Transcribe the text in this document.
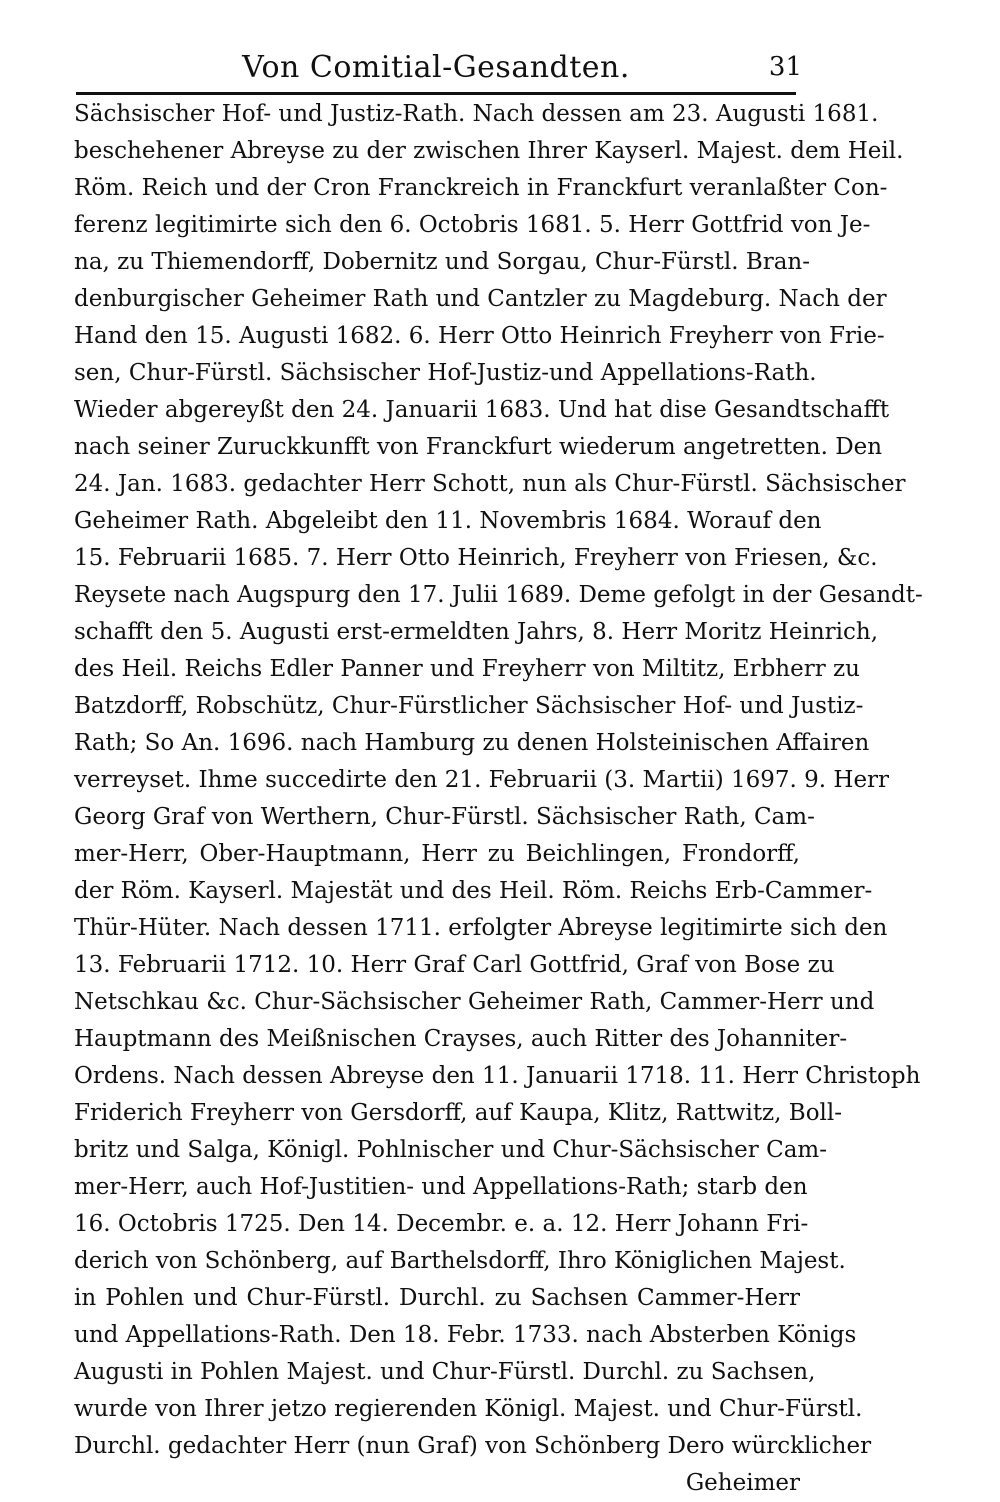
Von Comitial-Gesandten.	31
Sächsischer Hof- und Justiz-Rath. Nach dessen am 23. Augusti 1681.
beschehener Abreyse zu der zwischen Ihrer Kayserl. Majest. dem Heil.
Röm. Reich und der Cron Franckreich in Franckfurt veranlaßter Con-
ferenz legitimirte sich den 6. Octobris 1681. 5. Herr Gottfrid von Je-
na, zu Thiemendorff, Dobernitz und Sorgau, Chur-Fürstl. Bran-
denburgischer Geheimer Rath und Cantzler zu Magdeburg. Nach der
Hand den 15. Augusti 1682. 6. Herr Otto Heinrich Freyherr von Frie-
sen, Chur-Fürstl. Sächsischer Hof-Justiz-und Appellations-Rath.
Wieder abgereyßt den 24. Januarii 1683. Und hat dise Gesandtschafft
nach seiner Zuruckkunfft von Franckfurt wiederum angetretten. Den
24. Jan. 1683. gedachter Herr Schott, nun als Chur-Fürstl. Sächsischer
Geheimer Rath. Abgeleibt den 11. Novembris 1684. Worauf den
15. Februarii 1685. 7. Herr Otto Heinrich, Freyherr von Friesen, &c.
Reysete nach Augspurg den 17. Julii 1689. Deme gefolgt in der Gesandt-
schafft den 5. Augusti erst-ermeldten Jahrs, 8. Herr Moritz Heinrich,
des Heil. Reichs Edler Panner und Freyherr von Miltitz, Erbherr zu
Batzdorff, Robschütz, Chur-Fürstlicher Sächsischer Hof- und Justiz-
Rath; So An. 1696. nach Hamburg zu denen Holsteinischen Affairen
verreyset. Ihme succedirte den 21. Februarii (3. Martii) 1697. 9. Herr
Georg Graf von Werthern, Chur-Fürstl. Sächsischer Rath, Cam-
mer-Herr, Ober-Hauptmann, Herr zu Beichlingen, Frondorff,
der Röm. Kayserl. Majestät und des Heil. Röm. Reichs Erb-Cammer-
Thür-Hüter. Nach dessen 1711. erfolgter Abreyse legitimirte sich den
13. Februarii 1712. 10. Herr Graf Carl Gottfrid, Graf von Bose zu
Netschkau &c. Chur-Sächsischer Geheimer Rath, Cammer-Herr und
Hauptmann des Meißnischen Crayses, auch Ritter des Johanniter-
Ordens. Nach dessen Abreyse den 11. Januarii 1718. 11. Herr Christoph
Friderich Freyherr von Gersdorff, auf Kaupa, Klitz, Rattwitz, Boll-
britz und Salga, Königl. Pohlnischer und Chur-Sächsischer Cam-
mer-Herr, auch Hof-Justitien- und Appellations-Rath; starb den
16. Octobris 1725. Den 14. Decembr. e. a. 12. Herr Johann Fri-
derich von Schönberg, auf Barthelsdorff, Ihro Königlichen Majest.
in Pohlen und Chur-Fürstl. Durchl. zu Sachsen Cammer-Herr
und Appellations-Rath. Den 18. Febr. 1733. nach Absterben Königs
Augusti in Pohlen Majest. und Chur-Fürstl. Durchl. zu Sachsen,
wurde von Ihrer jetzo regierenden Königl. Majest. und Chur-Fürstl.
Durchl. gedachter Herr (nun Graf) von Schönberg Dero würcklicher
Geheimer
